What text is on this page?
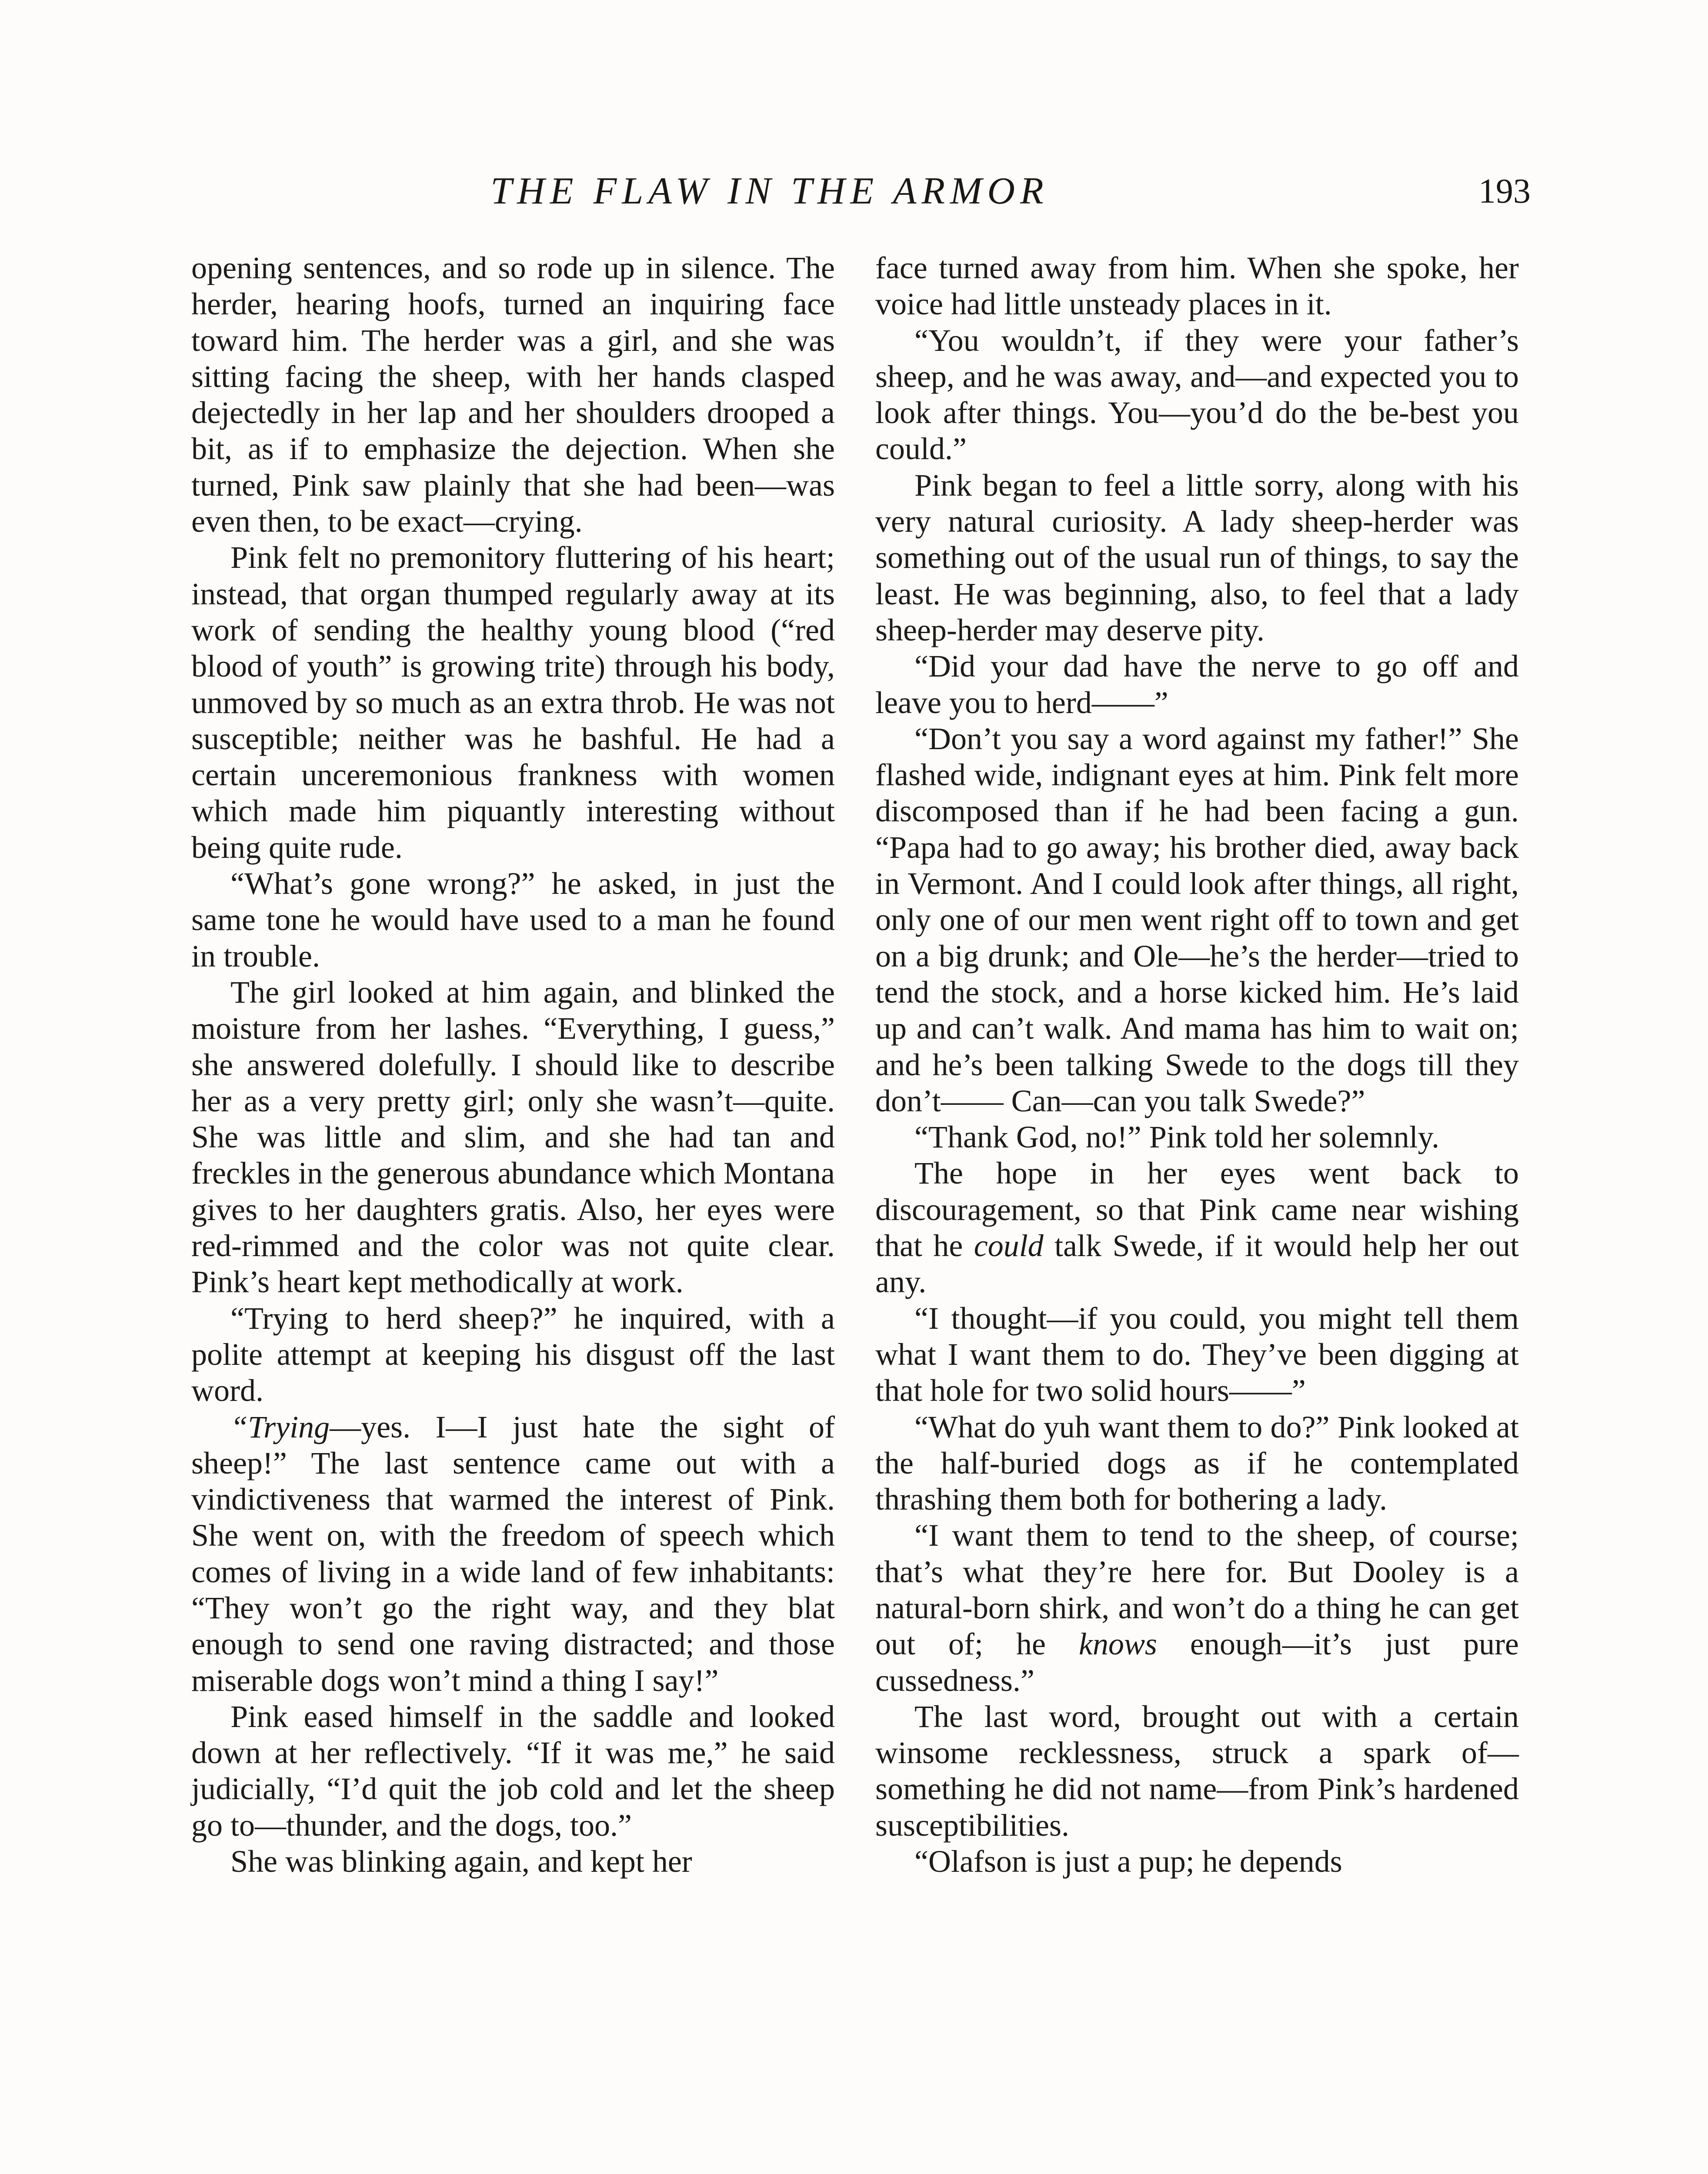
THE FLAW IN THE ARMOR	193

opening sentences, and so rode up in silence. The herder, hearing hoofs, turned an inquiring face toward him. The herder was a girl, and she was sitting facing the sheep, with her hands clasped dejectedly in her lap and her shoulders drooped a bit, as if to emphasize the dejection. When she turned, Pink saw plainly that she had been—was even then, to be exact—crying.

Pink felt no premonitory fluttering of his heart; instead, that organ thumped regularly away at its work of sending the healthy young blood (“red blood of youth” is growing trite) through his body, unmoved by so much as an extra throb. He was not susceptible; neither was he bashful. He had a certain unceremonious frankness with women which made him piquantly interesting without being quite rude.

“What’s gone wrong?” he asked, in just the same tone he would have used to a man he found in trouble.

The girl looked at him again, and blinked the moisture from her lashes. “Everything, I guess,” she answered dolefully. I should like to describe her as a very pretty girl; only she wasn’t—quite. She was little and slim, and she had tan and freckles in the generous abundance which Montana gives to her daughters gratis. Also, her eyes were red-rimmed and the color was not quite clear. Pink’s heart kept methodically at work.

“Trying to herd sheep?” he inquired, with a polite attempt at keeping his disgust off the last word.

“Trying—yes. I—I just hate the sight of sheep!” The last sentence came out with a vindictiveness that warmed the interest of Pink. She went on, with the freedom of speech which comes of living in a wide land of few inhabitants: “They won’t go the right way, and they blat enough to send one raving distracted; and those miserable dogs won’t mind a thing I say!”

Pink eased himself in the saddle and looked down at her reflectively. “If it was me,” he said judicially, “I’d quit the job cold and let the sheep go to—thunder, and the dogs, too.”

She was blinking again, and kept her

face turned away from him. When she spoke, her voice had little unsteady places in it.

“You wouldn’t, if they were your father’s sheep, and he was away, and—and expected you to look after things. You—you’d do the be-best you could.”

Pink began to feel a little sorry, along with his very natural curiosity. A lady sheep-herder was something out of the usual run of things, to say the least. He was beginning, also, to feel that a lady sheep-herder may deserve pity.

“Did your dad have the nerve to go off and leave you to herd——”

“Don’t you say a word against my father!” She flashed wide, indignant eyes at him. Pink felt more discomposed than if he had been facing a gun. “Papa had to go away; his brother died, away back in Vermont. And I could look after things, all right, only one of our men went right off to town and get on a big drunk; and Ole—he’s the herder—tried to tend the stock, and a horse kicked him. He’s laid up and can’t walk. And mama has him to wait on; and he’s been talking Swede to the dogs till they don’t—— Can—can you talk Swede?”

“Thank God, no!” Pink told her solemnly.

The hope in her eyes went back to discouragement, so that Pink came near wishing that he could talk Swede, if it would help her out any.

“I thought—if you could, you might tell them what I want them to do. They’ve been digging at that hole for two solid hours——”

“What do yuh want them to do?” Pink looked at the half-buried dogs as if he contemplated thrashing them both for bothering a lady.

“I want them to tend to the sheep, of course; that’s what they’re here for. But Dooley is a natural-born shirk, and won’t do a thing he can get out of; he knows enough—it’s just pure cussedness.”

The last word, brought out with a certain winsome recklessness, struck a spark of—something he did not name—from Pink’s hardened susceptibilities.

“Olafson is just a pup; he depends
